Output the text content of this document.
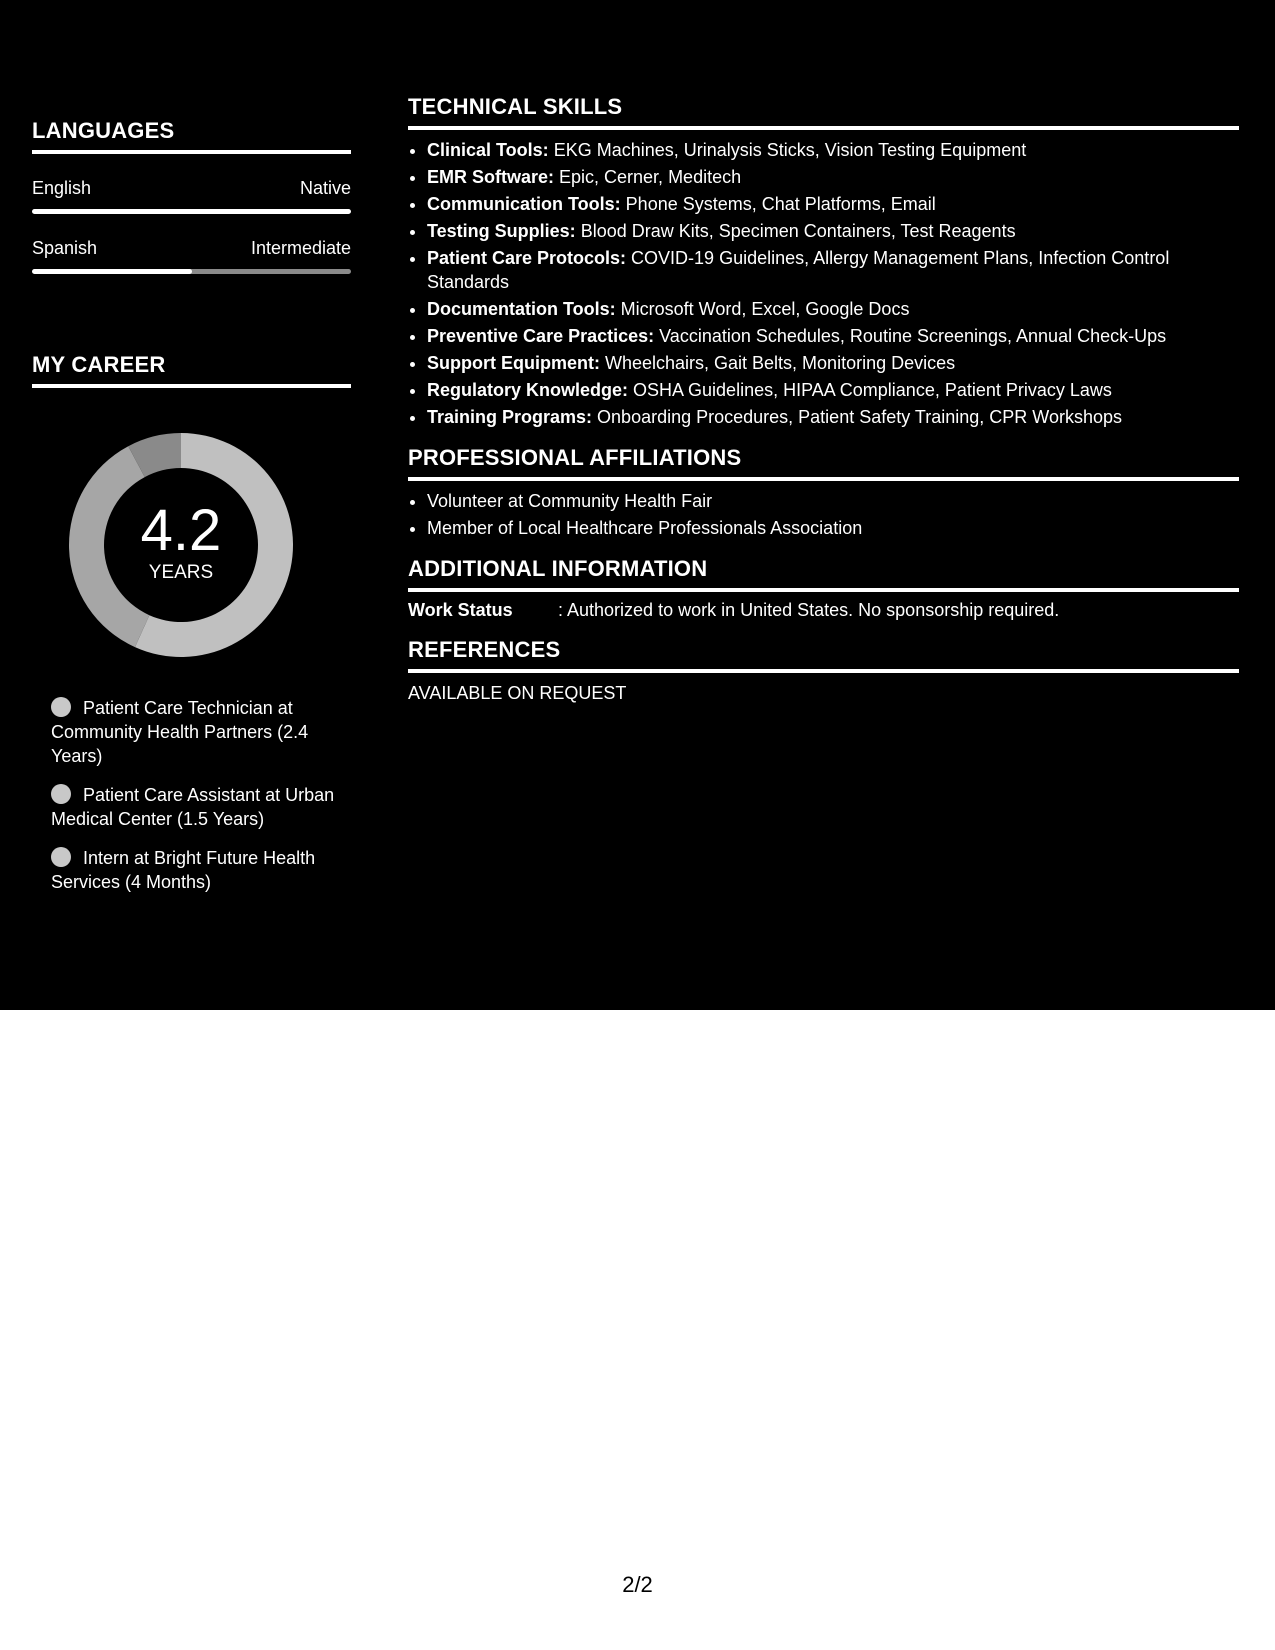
LANGUAGES
English	Native
Spanish	Intermediate
MY CAREER
4.2
YEARS
Patient Care Technician at Community Health Partners (2.4 Years)
Patient Care Assistant at Urban Medical Center (1.5 Years)
Intern at Bright Future Health Services (4 Months)
TECHNICAL SKILLS
• Clinical Tools: EKG Machines, Urinalysis Sticks, Vision Testing Equipment
• EMR Software: Epic, Cerner, Meditech
• Communication Tools: Phone Systems, Chat Platforms, Email
• Testing Supplies: Blood Draw Kits, Specimen Containers, Test Reagents
• Patient Care Protocols: COVID-19 Guidelines, Allergy Management Plans, Infection Control Standards
• Documentation Tools: Microsoft Word, Excel, Google Docs
• Preventive Care Practices: Vaccination Schedules, Routine Screenings, Annual Check-Ups
• Support Equipment: Wheelchairs, Gait Belts, Monitoring Devices
• Regulatory Knowledge: OSHA Guidelines, HIPAA Compliance, Patient Privacy Laws
• Training Programs: Onboarding Procedures, Patient Safety Training, CPR Workshops
PROFESSIONAL AFFILIATIONS
• Volunteer at Community Health Fair
• Member of Local Healthcare Professionals Association
ADDITIONAL INFORMATION
Work Status	: Authorized to work in United States. No sponsorship required.
REFERENCES
AVAILABLE ON REQUEST
2/2
